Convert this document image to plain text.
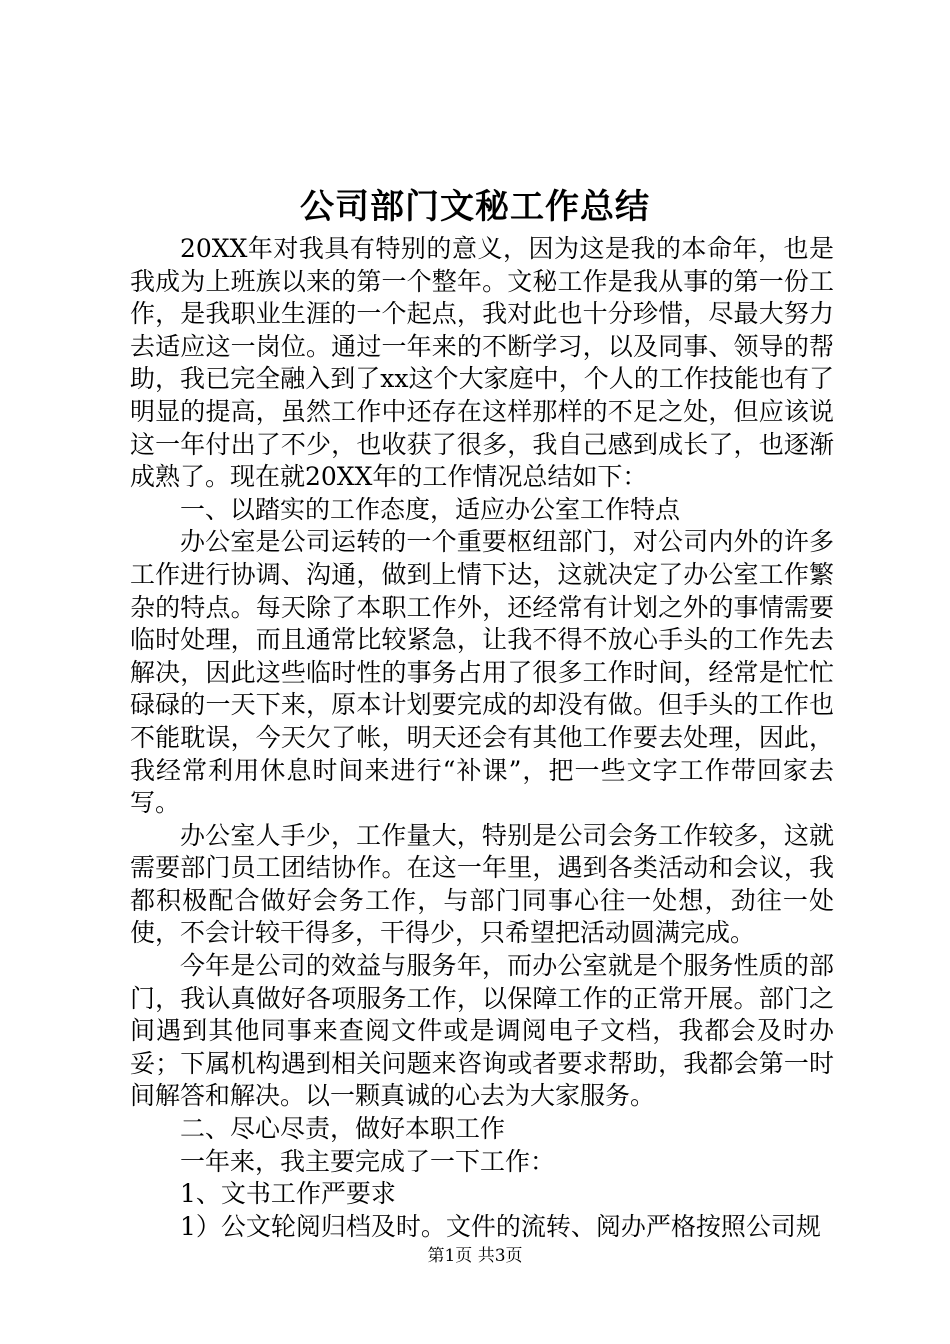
公司部门文秘工作总结

20XX年对我具有特别的意义，因为这是我的本命年，也是我成为上班族以来的第一个整年。文秘工作是我从事的第一份工作，是我职业生涯的一个起点，我对此也十分珍惜，尽最大努力去适应这一岗位。通过一年来的不断学习，以及同事、领导的帮助，我已完全融入到了xx这个大家庭中，个人的工作技能也有了明显的提高，虽然工作中还存在这样那样的不足之处，但应该说这一年付出了不少，也收获了很多，我自己感到成长了，也逐渐成熟了。现在就20XX年的工作情况总结如下：

一、以踏实的工作态度，适应办公室工作特点

办公室是公司运转的一个重要枢纽部门，对公司内外的许多工作进行协调、沟通，做到上情下达，这就决定了办公室工作繁杂的特点。每天除了本职工作外，还经常有计划之外的事情需要临时处理，而且通常比较紧急，让我不得不放心手头的工作先去解决，因此这些临时性的事务占用了很多工作时间，经常是忙忙碌碌的一天下来，原本计划要完成的却没有做。但手头的工作也不能耽误，今天欠了帐，明天还会有其他工作要去处理，因此，我经常利用休息时间来进行“补课”，把一些文字工作带回家去写。

办公室人手少，工作量大，特别是公司会务工作较多，这就需要部门员工团结协作。在这一年里，遇到各类活动和会议，我都积极配合做好会务工作，与部门同事心往一处想，劲往一处使，不会计较干得多，干得少，只希望把活动圆满完成。

今年是公司的效益与服务年，而办公室就是个服务性质的部门，我认真做好各项服务工作，以保障工作的正常开展。部门之间遇到其他同事来查阅文件或是调阅电子文档，我都会及时办妥；下属机构遇到相关问题来咨询或者要求帮助，我都会第一时间解答和解决。以一颗真诚的心去为大家服务。

二、尽心尽责，做好本职工作

一年来，我主要完成了一下工作：

1、文书工作严要求

1）公文轮阅归档及时。文件的流转、阅办严格按照公司规

第1页 共3页
